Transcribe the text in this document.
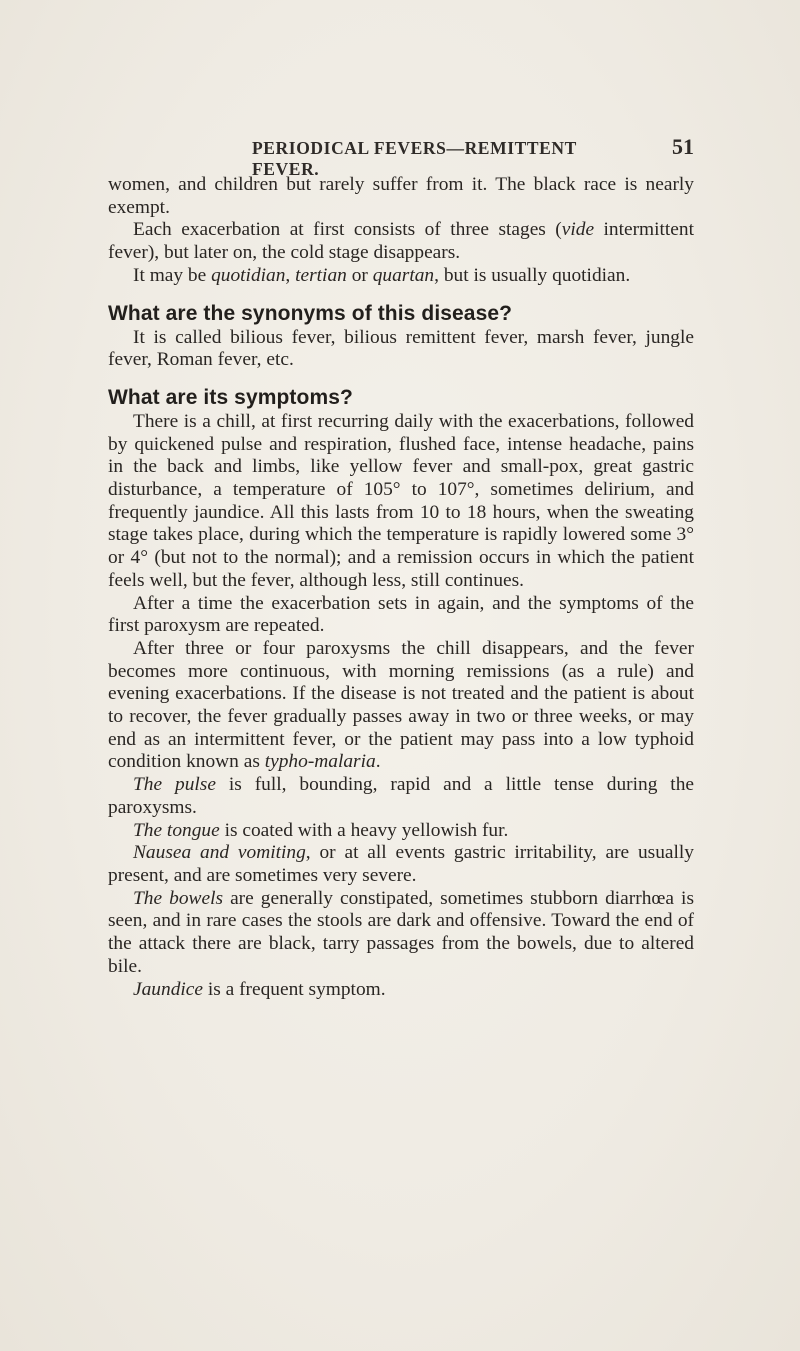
PERIODICAL FEVERS—REMITTENT FEVER.
51

women, and children but rarely suffer from it. The black race is nearly exempt.

Each exacerbation at first consists of three stages (vide intermittent fever), but later on, the cold stage disappears.

It may be quotidian, tertian or quartan, but is usually quotidian.

What are the synonyms of this disease?

It is called bilious fever, bilious remittent fever, marsh fever, jungle fever, Roman fever, etc.

What are its symptoms?

There is a chill, at first recurring daily with the exacerbations, followed by quickened pulse and respiration, flushed face, intense headache, pains in the back and limbs, like yellow fever and small-pox, great gastric disturbance, a temperature of 105° to 107°, sometimes delirium, and frequently jaundice. All this lasts from 10 to 18 hours, when the sweating stage takes place, during which the temperature is rapidly lowered some 3° or 4° (but not to the normal); and a remission occurs in which the patient feels well, but the fever, although less, still continues.

After a time the exacerbation sets in again, and the symptoms of the first paroxysm are repeated.

After three or four paroxysms the chill disappears, and the fever becomes more continuous, with morning remissions (as a rule) and evening exacerbations. If the disease is not treated and the patient is about to recover, the fever gradually passes away in two or three weeks, or may end as an intermittent fever, or the patient may pass into a low typhoid condition known as typho-malaria.

The pulse is full, bounding, rapid and a little tense during the paroxysms.

The tongue is coated with a heavy yellowish fur.

Nausea and vomiting, or at all events gastric irritability, are usually present, and are sometimes very severe.

The bowels are generally constipated, sometimes stubborn diarrhœa is seen, and in rare cases the stools are dark and offensive. Toward the end of the attack there are black, tarry passages from the bowels, due to altered bile.

Jaundice is a frequent symptom.
